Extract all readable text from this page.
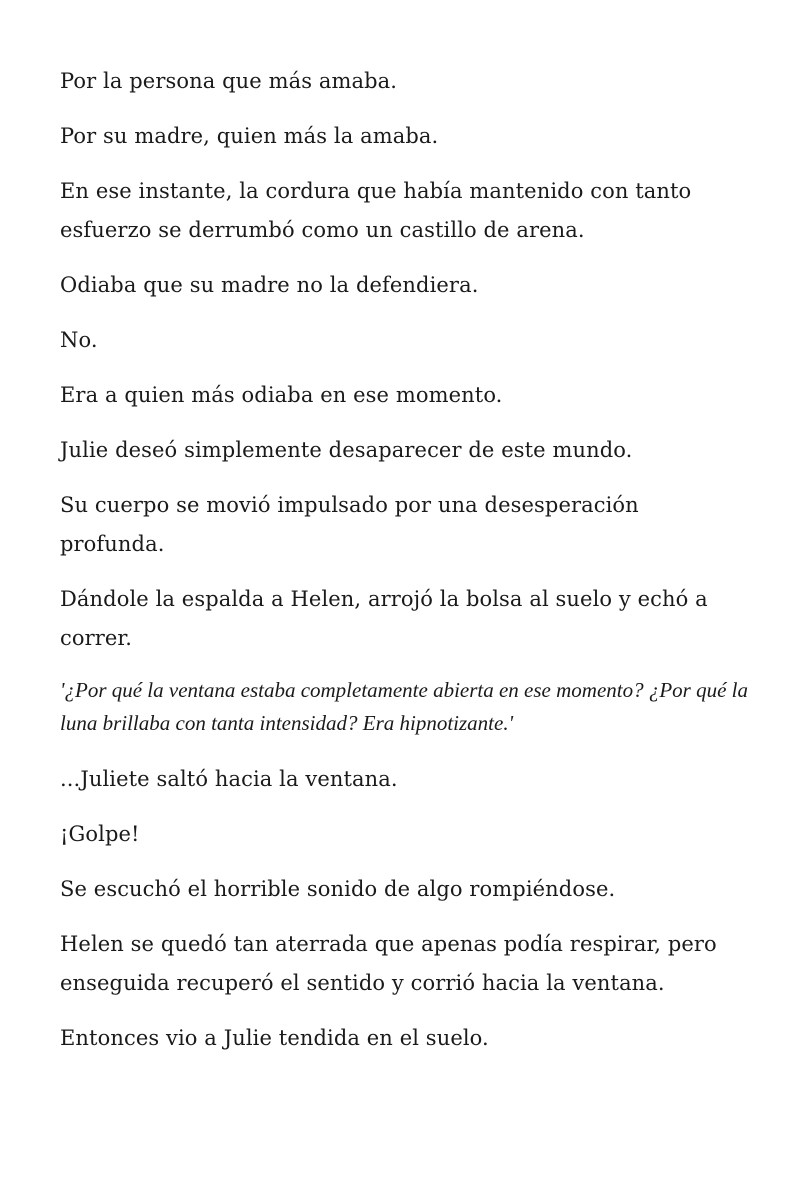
Por la persona que más amaba.

Por su madre, quien más la amaba.

En ese instante, la cordura que había mantenido con tanto esfuerzo se derrumbó como un castillo de arena.

Odiaba que su madre no la defendiera.

No.

Era a quien más odiaba en ese momento.

Julie deseó simplemente desaparecer de este mundo.

Su cuerpo se movió impulsado por una desesperación profunda.

Dándole la espalda a Helen, arrojó la bolsa al suelo y echó a correr.

'¿Por qué la ventana estaba completamente abierta en ese momento? ¿Por qué la luna brillaba con tanta intensidad? Era hipnotizante.'

...Juliete saltó hacia la ventana.

¡Golpe!

Se escuchó el horrible sonido de algo rompiéndose.

Helen se quedó tan aterrada que apenas podía respirar, pero enseguida recuperó el sentido y corrió hacia la ventana.

Entonces vio a Julie tendida en el suelo.
